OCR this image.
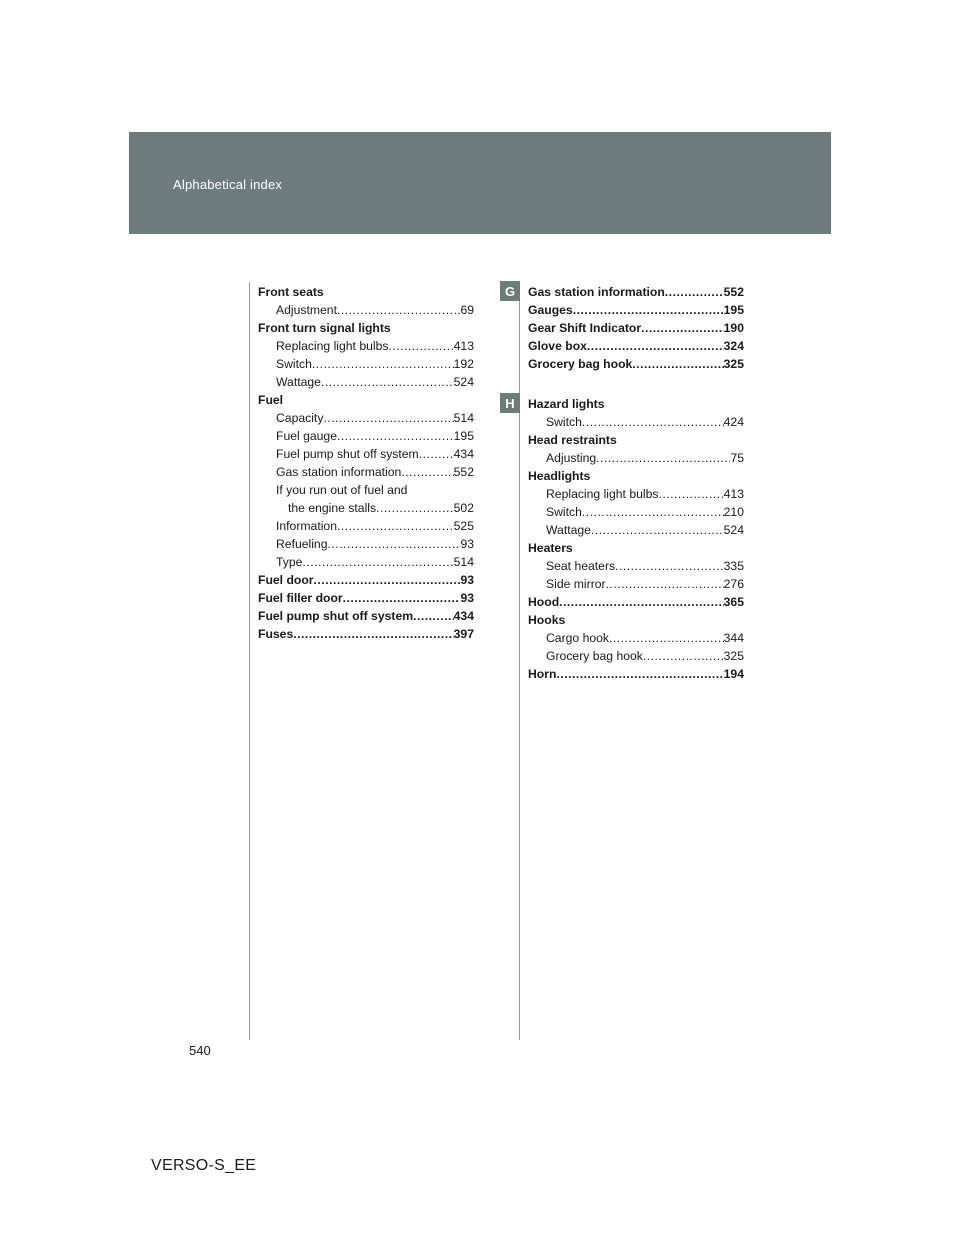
Alphabetical index
Front seats
Adjustment .....	69
Front turn signal lights
Replacing light bulbs .....	413
Switch .....	192
Wattage .....	524
Fuel
Capacity .....	514
Fuel gauge .....	195
Fuel pump shut off system .....	434
Gas station information .....	552
If you run out of fuel and
the engine stalls .....	502
Information .....	525
Refueling .....	93
Type .....	514
Fuel door .....	93
Fuel filler door .....	93
Fuel pump shut off system .....	434
Fuses .....	397
G
H
Gas station information .....	552
Gauges .....	195
Gear Shift Indicator .....	190
Glove box .....	324
Grocery bag hook .....	325
Hazard lights
Switch .....	424
Head restraints
Adjusting .....	75
Headlights
Replacing light bulbs .....	413
Switch .....	210
Wattage .....	524
Heaters
Seat heaters .....	335
Side mirror .....	276
Hood .....	365
Hooks
Cargo hook .....	344
Grocery bag hook .....	325
Horn .....	194
540
VERSO-S_EE
